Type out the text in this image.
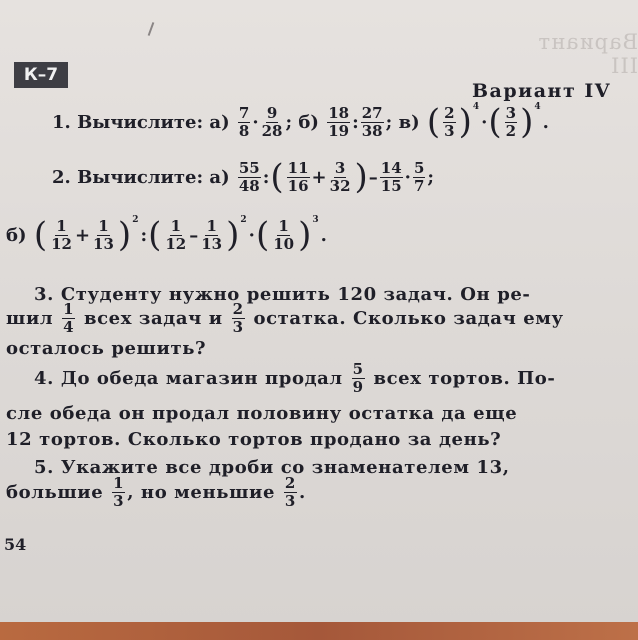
Вариант III
К–7
Вариант IV
1. Вычислите: $а) \frac{7}{8} \cdot \frac{9}{28}$ ; $б) \frac{18}{19}$ : $\frac{27}{38}$ ; в) ( $\frac{2}{3} )^4\cdot( \frac{3}{2} )^4$.
2. Вычислите: $а) \frac{55}{48}$ :( $\frac{11}{16} + \frac{3}{32}$ )– $\frac{14}{15} \cdot \frac{5}{7}$ ;
б) ( $\frac{1}{12} + \frac{1}{13}$ )$^2$:( $\frac{1}{12} - \frac{1}{13} )^2\cdot( \frac{1}{10} )^3$.
3. Студенту нужно решить 120 задач. Он ре-
шил $\frac{1}{4}$ всех задач и $\frac{2}{3}$ остатка. Сколько задач ему
осталось решить?
4. До обеда магазин продал $\frac{5}{9}$ всех тортов. По-
сле обеда он продал половину остатка да еще
12 тортов. Сколько тортов продано за день?
5. Укажите все дроби со знаменателем 13,
большие $\frac{1}{3}$ , но меньшие $\frac{2}{3}$ .
54
